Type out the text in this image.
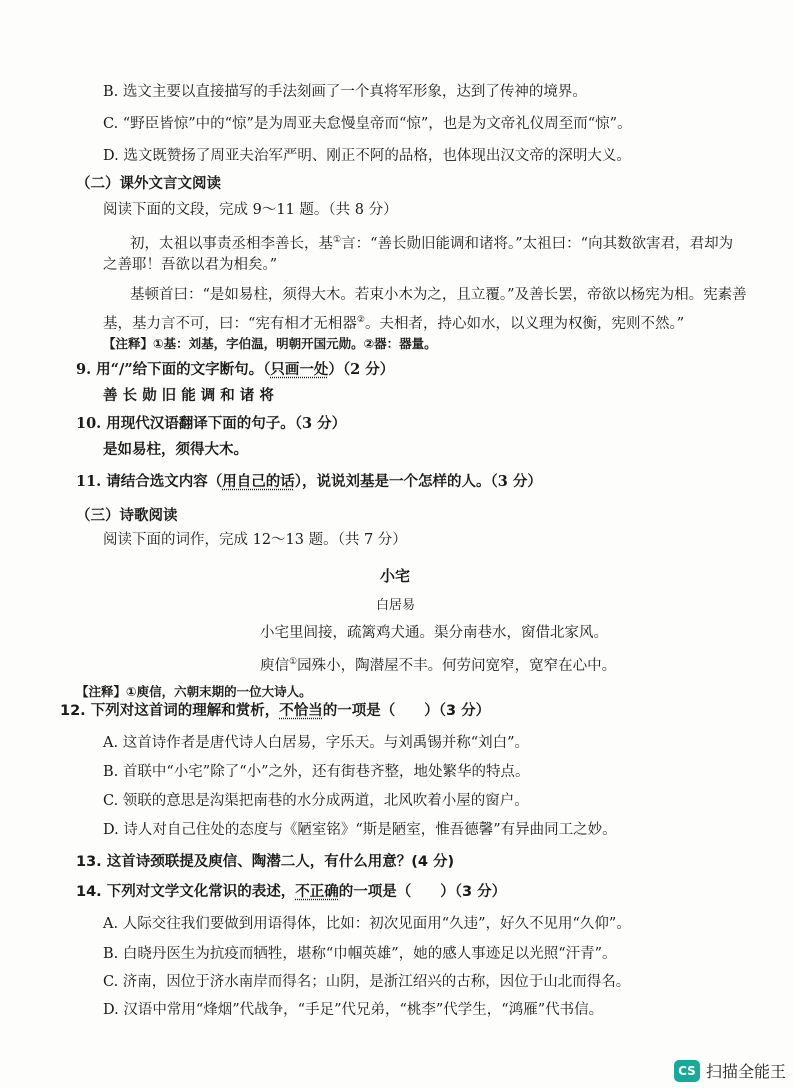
B. 选文主要以直接描写的手法刻画了一个真将军形象，达到了传神的境界。
C. “野臣皆惊”中的“惊”是为周亚夫怠慢皇帝而“惊”，也是为文帝礼仪周至而“惊”。
D. 选文既赞扬了周亚夫治军严明、刚正不阿的品格，也体现出汉文帝的深明大义。
（二）课外文言文阅读
阅读下面的文段，完成 9～11 题。（共 8 分）
初，太祖以事责丞相李善长，基①言：“善长勋旧能调和诸将。”太祖曰：“向其数欲害君，君却为
之善耶！吾欲以君为相矣。”
基顿首曰：“是如易柱，须得大木。若束小木为之，且立覆。”及善长罢，帝欲以杨宪为相。宪素善
基，基力言不可，曰：“宪有相才无相器②。夫相者，持心如水，以义理为权衡，宪则不然。”
【注释】①基：刘基，字伯温，明朝开国元勋。②器：器量。
9. 用“/”给下面的文字断句。（只画一处）（2 分）
善 长 勋 旧 能 调 和 诸 将
10. 用现代汉语翻译下面的句子。（3 分）
是如易柱，须得大木。
11. 请结合选文内容（用自己的话），说说刘基是一个怎样的人。（3 分）
（三）诗歌阅读
阅读下面的词作，完成 12～13 题。（共 7 分）
小宅
白居易
小宅里闾接，疏篱鸡犬通。渠分南巷水，窗借北家风。
庾信①园殊小，陶潜屋不丰。何劳问宽窄，宽窄在心中。
【注释】①庾信，六朝末期的一位大诗人。
12. 下列对这首词的理解和赏析，不恰当的一项是（　　）（3 分）
A. 这首诗作者是唐代诗人白居易，字乐天。与刘禹锡并称“刘白”。
B. 首联中“小宅”除了“小”之外，还有街巷齐整，地处繁华的特点。
C. 领联的意思是沟渠把南巷的水分成两道，北风吹着小屋的窗户。
D. 诗人对自己住处的态度与《陋室铭》“斯是陋室，惟吾德馨”有异曲同工之妙。
13. 这首诗颈联提及庾信、陶潜二人，有什么用意？(4 分)
14. 下列对文学文化常识的表述，不正确的一项是（　　）（3 分）
A. 人际交往我们要做到用语得体，比如：初次见面用“久违”，好久不见用“久仰”。
B. 白晓丹医生为抗疫而牺牲，堪称“巾帼英雄”，她的感人事迹足以光照“汗青”。
C. 济南，因位于济水南岸而得名；山阴，是浙江绍兴的古称，因位于山北而得名。
D. 汉语中常用“烽烟”代战争，“手足”代兄弟，“桃李”代学生，“鸿雁”代书信。
CS 扫描全能王
